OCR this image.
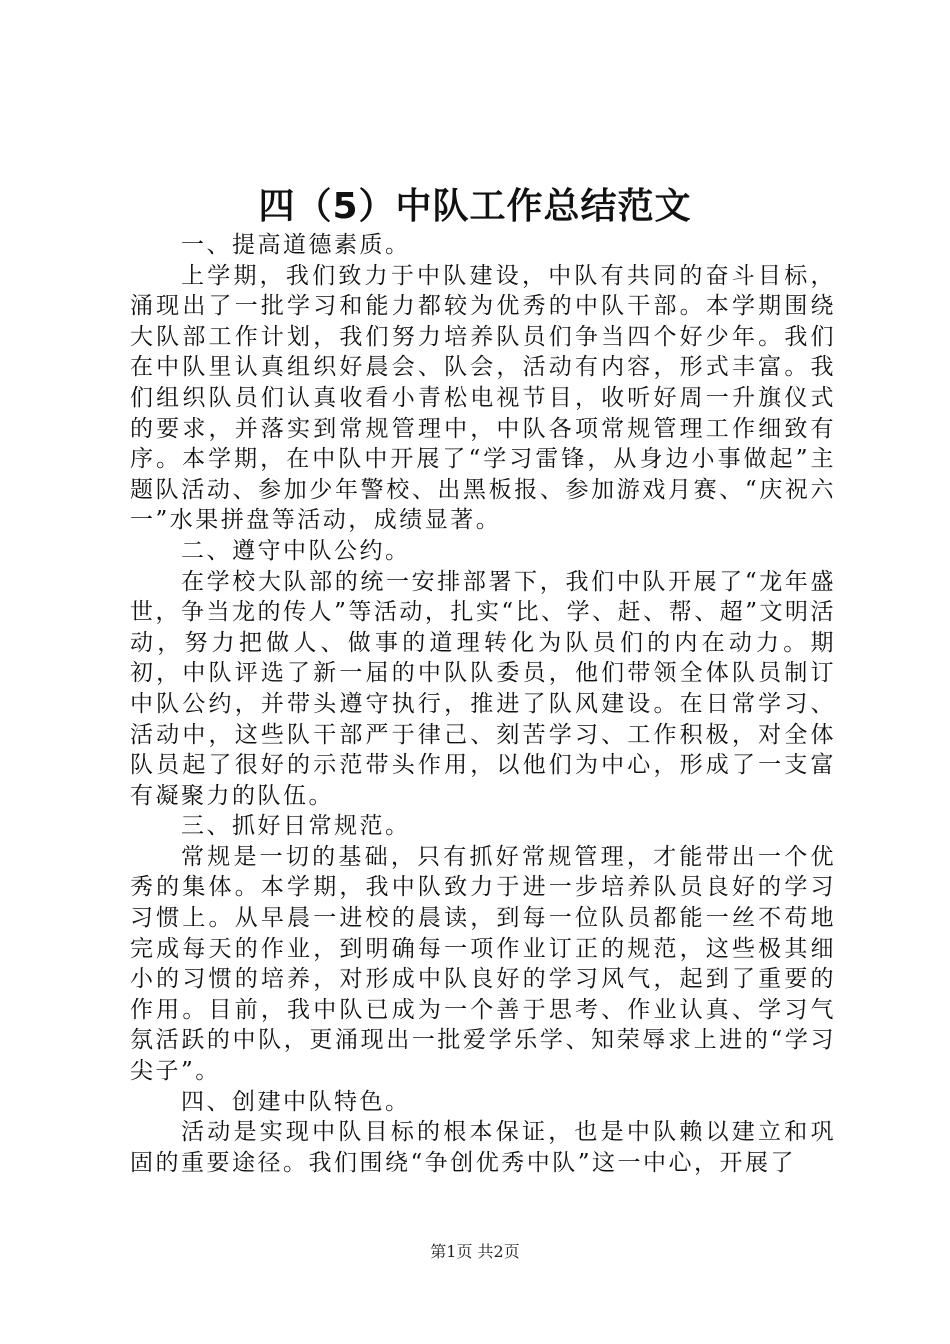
四（5）中队工作总结范文

一、提高道德素质。

上学期，我们致力于中队建设，中队有共同的奋斗目标，涌现出了一批学习和能力都较为优秀的中队干部。本学期围绕大队部工作计划，我们努力培养队员们争当四个好少年。我们在中队里认真组织好晨会、队会，活动有内容，形式丰富。我们组织队员们认真收看小青松电视节目，收听好周一升旗仪式的要求，并落实到常规管理中，中队各项常规管理工作细致有序。本学期，在中队中开展了“学习雷锋，从身边小事做起”主题队活动、参加少年警校、出黑板报、参加游戏月赛、“庆祝六一”水果拼盘等活动，成绩显著。

二、遵守中队公约。

在学校大队部的统一安排部署下，我们中队开展了“龙年盛世，争当龙的传人”等活动，扎实“比、学、赶、帮、超”文明活动，努力把做人、做事的道理转化为队员们的内在动力。期初，中队评选了新一届的中队队委员，他们带领全体队员制订中队公约，并带头遵守执行，推进了队风建设。在日常学习、活动中，这些队干部严于律己、刻苦学习、工作积极，对全体队员起了很好的示范带头作用，以他们为中心，形成了一支富有凝聚力的队伍。

三、抓好日常规范。

常规是一切的基础，只有抓好常规管理，才能带出一个优秀的集体。本学期，我中队致力于进一步培养队员良好的学习习惯上。从早晨一进校的晨读，到每一位队员都能一丝不苟地完成每天的作业，到明确每一项作业订正的规范，这些极其细小的习惯的培养，对形成中队良好的学习风气，起到了重要的作用。目前，我中队已成为一个善于思考、作业认真、学习气氛活跃的中队，更涌现出一批爱学乐学、知荣辱求上进的“学习尖子”。

四、创建中队特色。

活动是实现中队目标的根本保证，也是中队赖以建立和巩固的重要途径。我们围绕“争创优秀中队”这一中心，开展了

第1页 共2页
